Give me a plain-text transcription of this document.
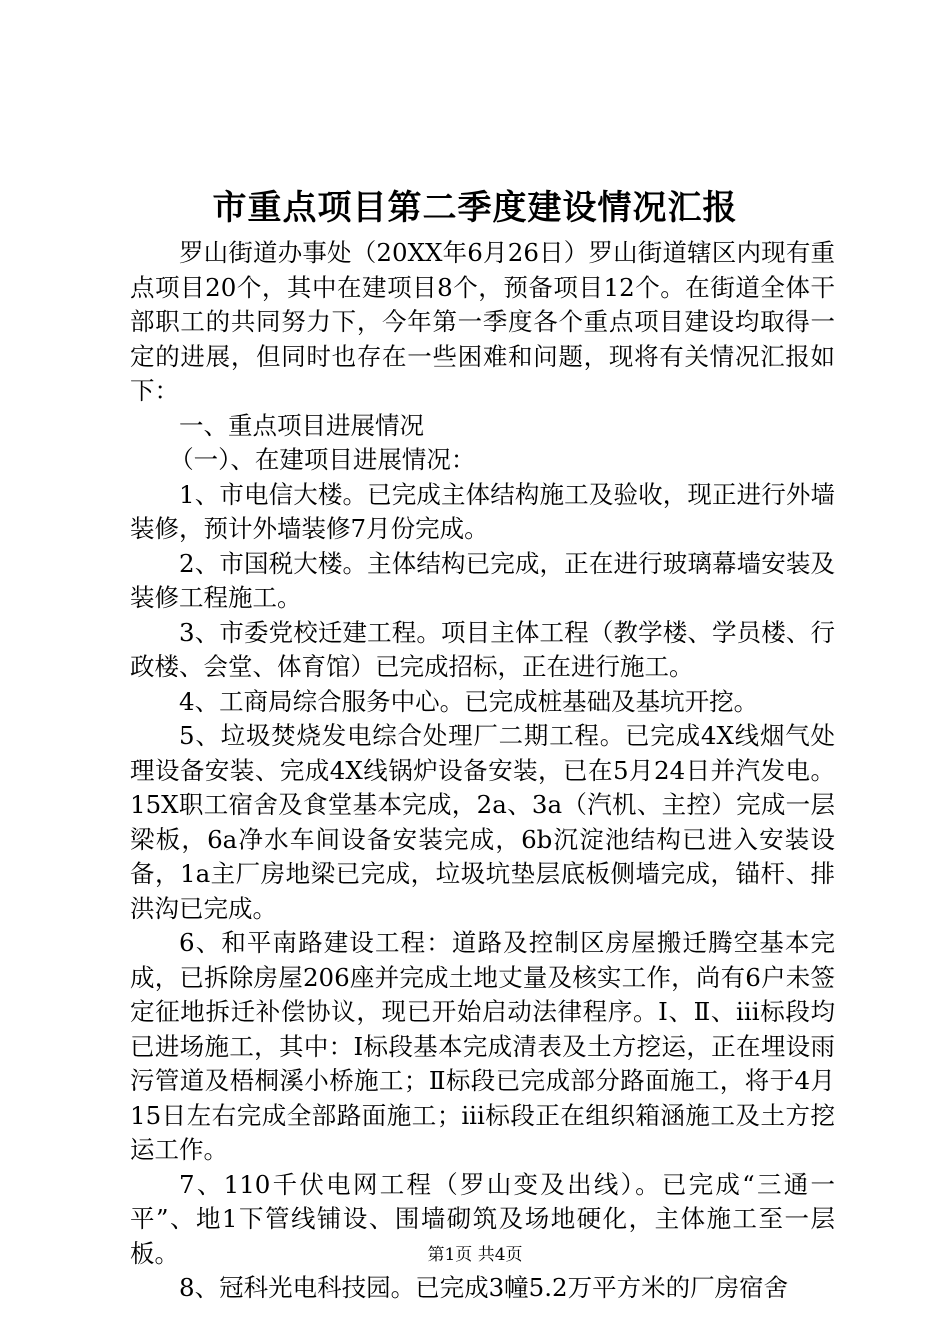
市重点项目第二季度建设情况汇报

罗山街道办事处（20XX年6月26日）罗山街道辖区内现有重点项目20个，其中在建项目8个，预备项目12个。在街道全体干部职工的共同努力下，今年第一季度各个重点项目建设均取得一定的进展，但同时也存在一些困难和问题，现将有关情况汇报如下：

一、重点项目进展情况

（一）、在建项目进展情况：

1、市电信大楼。已完成主体结构施工及验收，现正进行外墙装修，预计外墙装修7月份完成。

2、市国税大楼。主体结构已完成，正在进行玻璃幕墙安装及装修工程施工。

3、市委党校迁建工程。项目主体工程（教学楼、学员楼、行政楼、会堂、体育馆）已完成招标，正在进行施工。

4、工商局综合服务中心。已完成桩基础及基坑开挖。

5、垃圾焚烧发电综合处理厂二期工程。已完成4X线烟气处理设备安装、完成4X线锅炉设备安装，已在5月24日并汽发电。15X职工宿舍及食堂基本完成，2a、3a（汽机、主控）完成一层梁板，6a净水车间设备安装完成，6b沉淀池结构已进入安装设备，1a主厂房地梁已完成，垃圾坑垫层底板侧墙完成，锚杆、排洪沟已完成。

6、和平南路建设工程：道路及控制区房屋搬迁腾空基本完成，已拆除房屋206座并完成土地丈量及核实工作，尚有6户未签定征地拆迁补偿协议，现已开始启动法律程序。Ⅰ、Ⅱ、iii标段均已进场施工，其中：Ⅰ标段基本完成清表及土方挖运，正在埋设雨污管道及梧桐溪小桥施工；Ⅱ标段已完成部分路面施工，将于4月15日左右完成全部路面施工；iii标段正在组织箱涵施工及土方挖运工作。

7、110千伏电网工程（罗山变及出线）。已完成“三通一平”、地1下管线铺设、围墙砌筑及场地硬化，主体施工至一层板。

8、冠科光电科技园。已完成3幢5.2万平方米的厂房宿舍

第1页 共4页
